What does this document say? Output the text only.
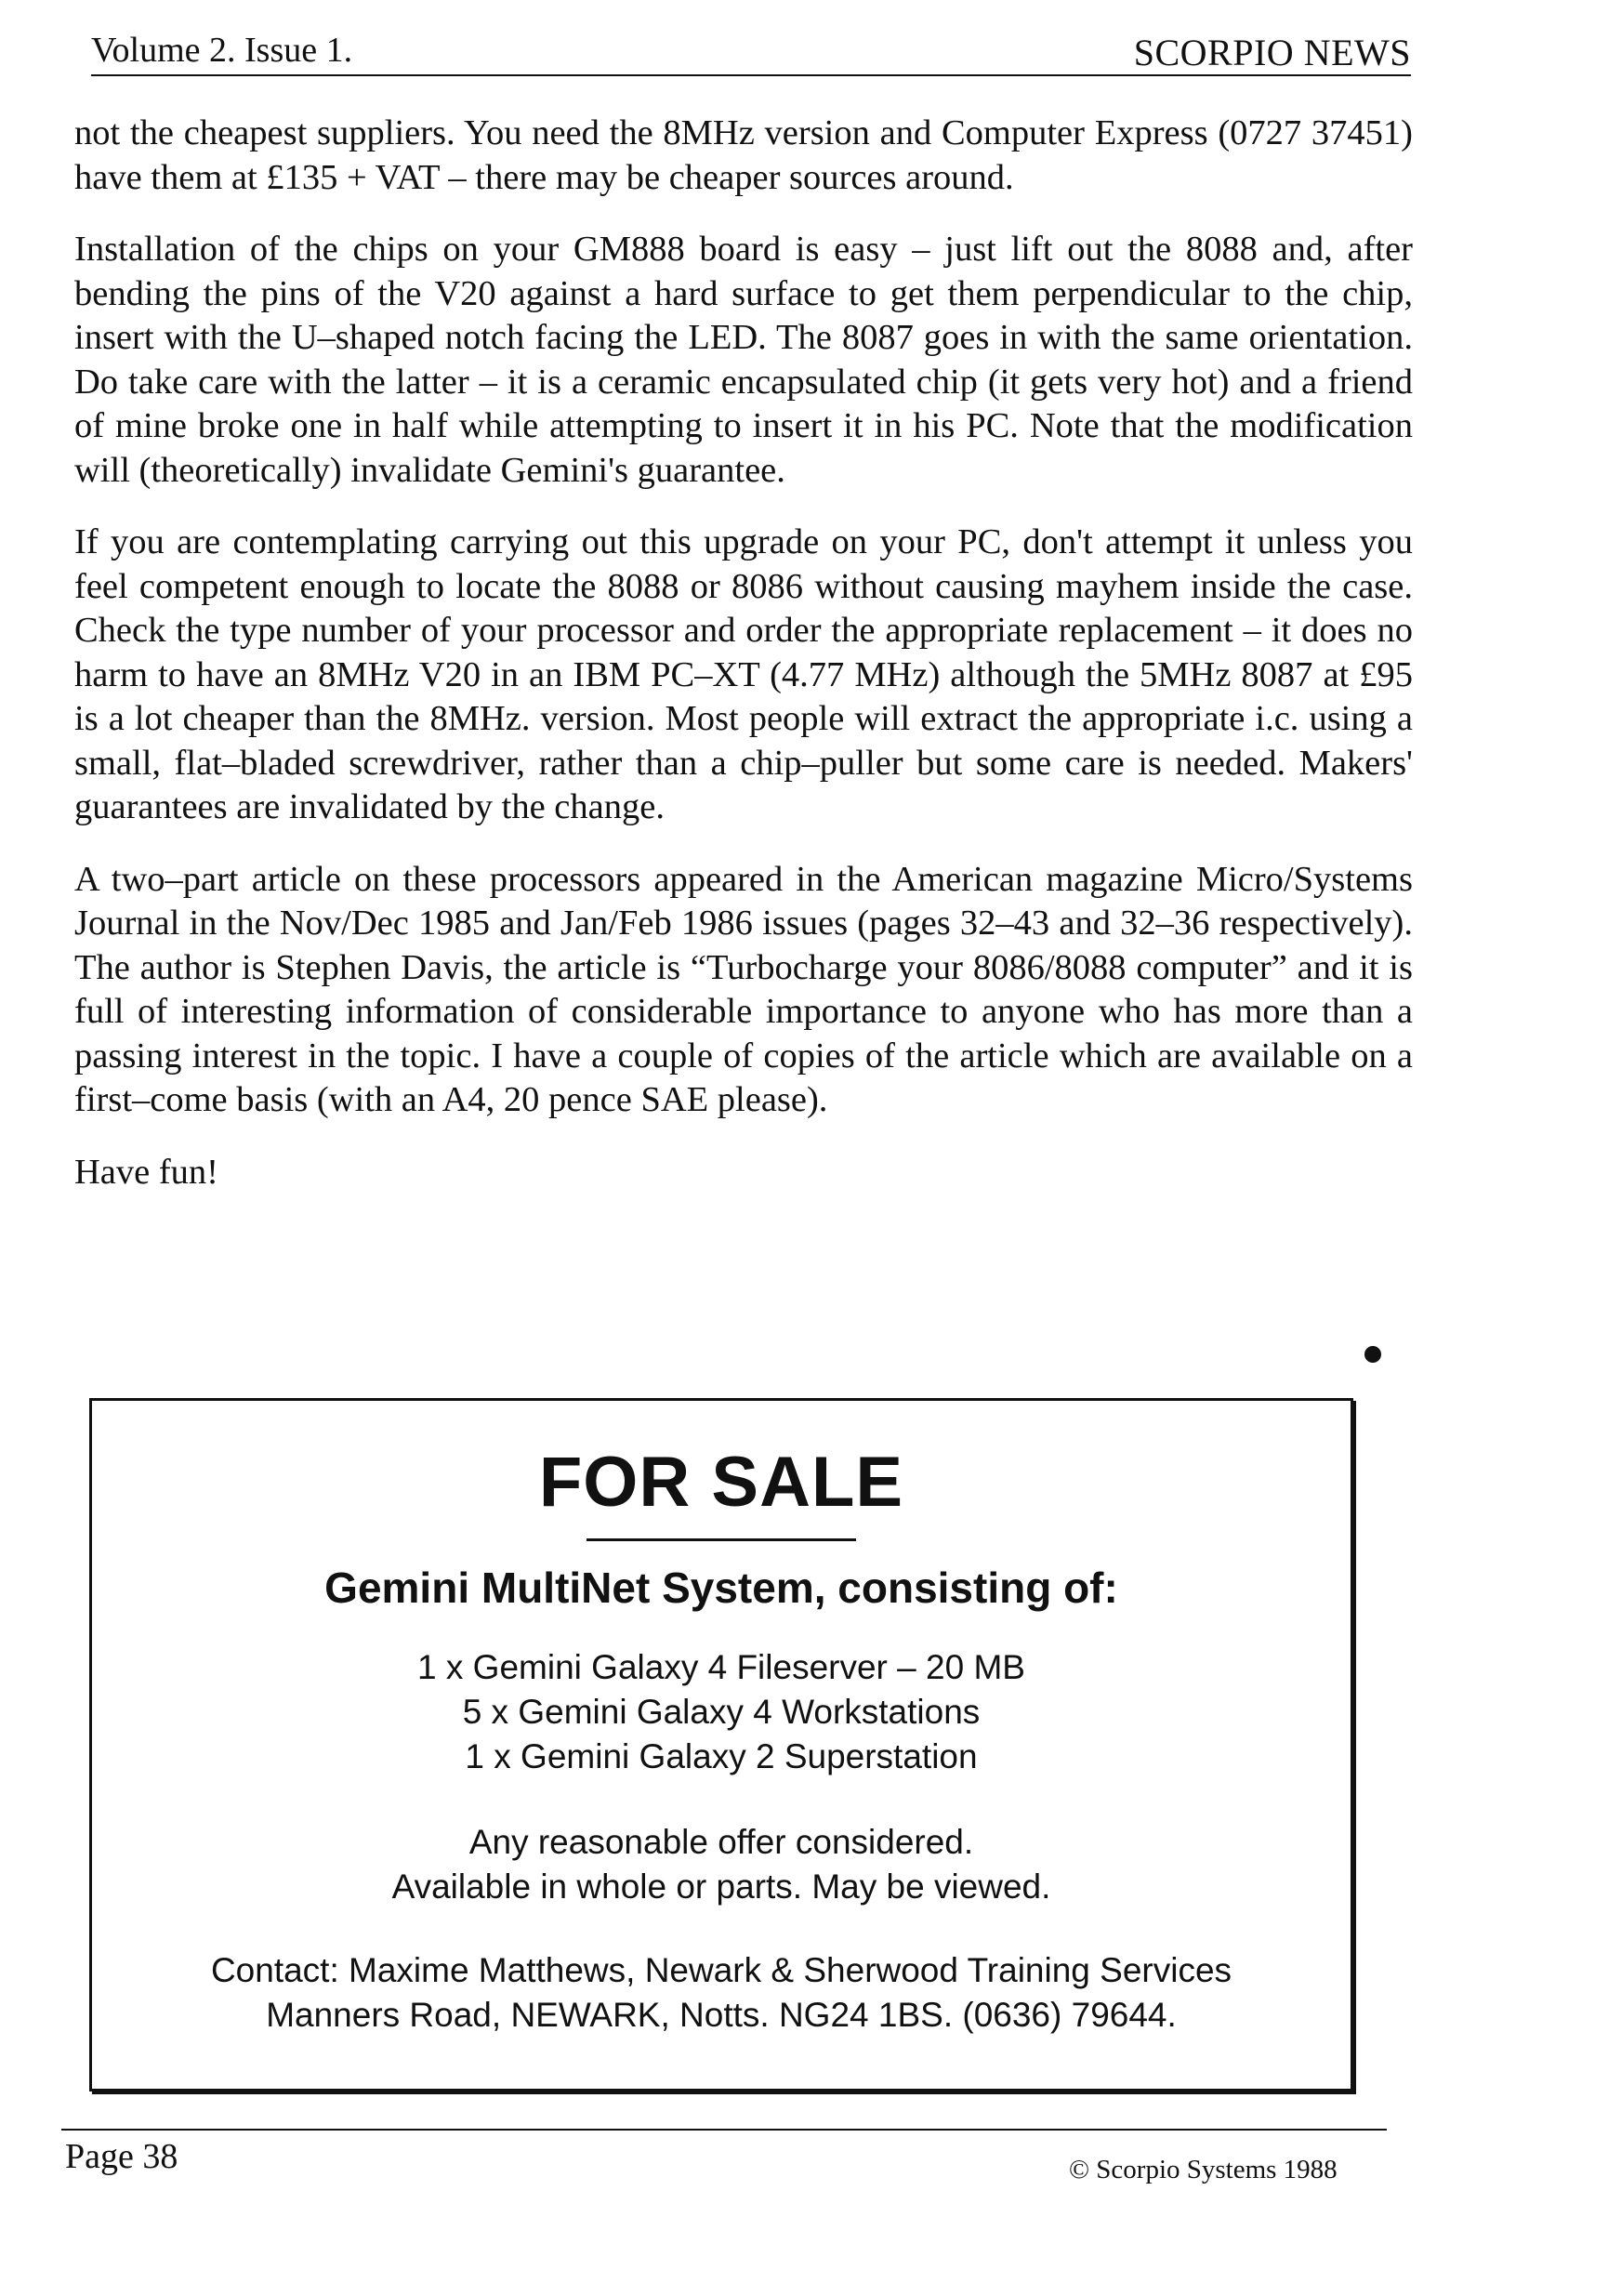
Volume 2. Issue 1.	SCORPIO NEWS

not the cheapest suppliers. You need the 8MHz version and Computer Express (0727 37451) have them at £135 + VAT – there may be cheaper sources around.

Installation of the chips on your GM888 board is easy – just lift out the 8088 and, after bending the pins of the V20 against a hard surface to get them perpendicular to the chip, insert with the U–shaped notch facing the LED. The 8087 goes in with the same orientation. Do take care with the latter – it is a ceramic encapsulated chip (it gets very hot) and a friend of mine broke one in half while attempting to insert it in his PC. Note that the modification will (theoretically) invalidate Gemini's guarantee.

If you are contemplating carrying out this upgrade on your PC, don't attempt it unless you feel competent enough to locate the 8088 or 8086 without causing mayhem inside the case. Check the type number of your processor and order the appropriate replacement – it does no harm to have an 8MHz V20 in an IBM PC–XT (4.77 MHz) although the 5MHz 8087 at £95 is a lot cheaper than the 8MHz. version. Most people will extract the appropriate i.c. using a small, flat–bladed screwdriver, rather than a chip–puller but some care is needed. Makers' guarantees are invalidated by the change.

A two–part article on these processors appeared in the American magazine Micro/Systems Journal in the Nov/Dec 1985 and Jan/Feb 1986 issues (pages 32–43 and 32–36 respectively). The author is Stephen Davis, the article is “Turbocharge your 8086/8088 computer” and it is full of interesting information of considerable importance to anyone who has more than a passing interest in the topic. I have a couple of copies of the article which are available on a first–come basis (with an A4, 20 pence SAE please).

Have fun!

FOR SALE
Gemini MultiNet System, consisting of:
1 x Gemini Galaxy 4 Fileserver – 20 MB
5 x Gemini Galaxy 4 Workstations
1 x Gemini Galaxy 2 Superstation
Any reasonable offer considered.
Available in whole or parts. May be viewed.
Contact: Maxime Matthews, Newark & Sherwood Training Services
Manners Road, NEWARK, Notts. NG24 1BS. (0636) 79644.
Page 38	© Scorpio Systems 1988
